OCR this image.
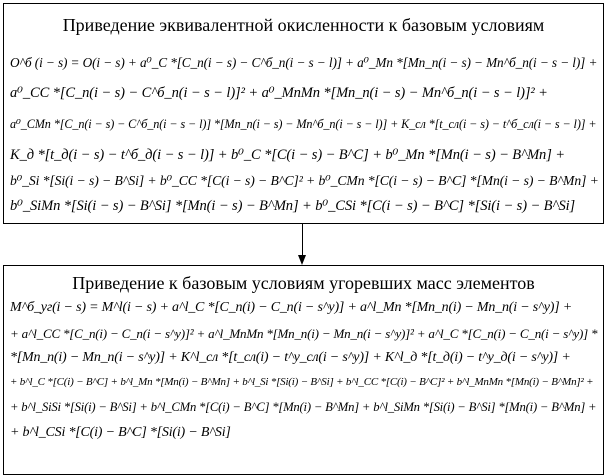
Приведение эквивалентной окисленности к базовым условиям
O^б (i − s) = O(i − s) + a⁰_C *[C_п(i − s) − C^б_п(i − s − l)] + a⁰_Mn *[Mn_п(i − s) − Mn^б_п(i − s − l)] +
a⁰_CC *[C_п(i − s) − C^б_п(i − s − l)]² + a⁰_MnMn *[Mn_п(i − s) − Mn^б_п(i − s − l)]² +
a⁰_CMn *[C_п(i − s) − C^б_п(i − s − l)] *[Mn_п(i − s) − Mn^б_п(i − s − l)] + K_сл *[t_сл(i − s) − t^б_сл(i − s − l)] +
K_д *[t_д(i − s) − t^б_д(i − s − l)] + b⁰_C *[C(i − s) − B^C] + b⁰_Mn *[Mn(i − s) − B^Mn] +
b⁰_Si *[Si(i − s) − B^Si] + b⁰_CC *[C(i − s) − B^C]² + b⁰_CMn *[C(i − s) − B^C] *[Mn(i − s) − B^Mn] +
b⁰_SiMn *[Si(i − s) − B^Si] *[Mn(i − s) − B^Mn] + b⁰_CSi *[C(i − s) − B^C] *[Si(i − s) − B^Si]
Приведение к базовым условиям угоревших масс элементов
M^б_уг(i − s) = M^l(i − s) + a^l_C *[C_п(i) − C_п(i − s^у)] + a^l_Mn *[Mn_п(i) − Mn_п(i − s^у)] +
+ a^l_CC *[C_п(i) − C_п(i − s^у)]² + a^l_MnMn *[Mn_п(i) − Mn_п(i − s^у)]² + a^l_C *[C_п(i) − C_п(i − s^у)] *
*[Mn_п(i) − Mn_п(i − s^у)] + K^l_сл *[t_сл(i) − t^у_сл(i − s^у)] + K^l_д *[t_д(i) − t^у_д(i − s^у)] +
+ b^l_C *[C(i) − B^C] + b^l_Mn *[Mn(i) − B^Mn] + b^l_Si *[Si(i) − B^Si] + b^l_CC *[C(i) − B^C]² + b^l_MnMn *[Mn(i) − B^Mn]² +
+ b^l_SiSi *[Si(i) − B^Si] + b^l_CMn *[C(i) − B^C] *[Mn(i) − B^Mn] + b^l_SiMn *[Si(i) − B^Si] *[Mn(i) − B^Mn] +
+ b^l_CSi *[C(i) − B^C] *[Si(i) − B^Si]
